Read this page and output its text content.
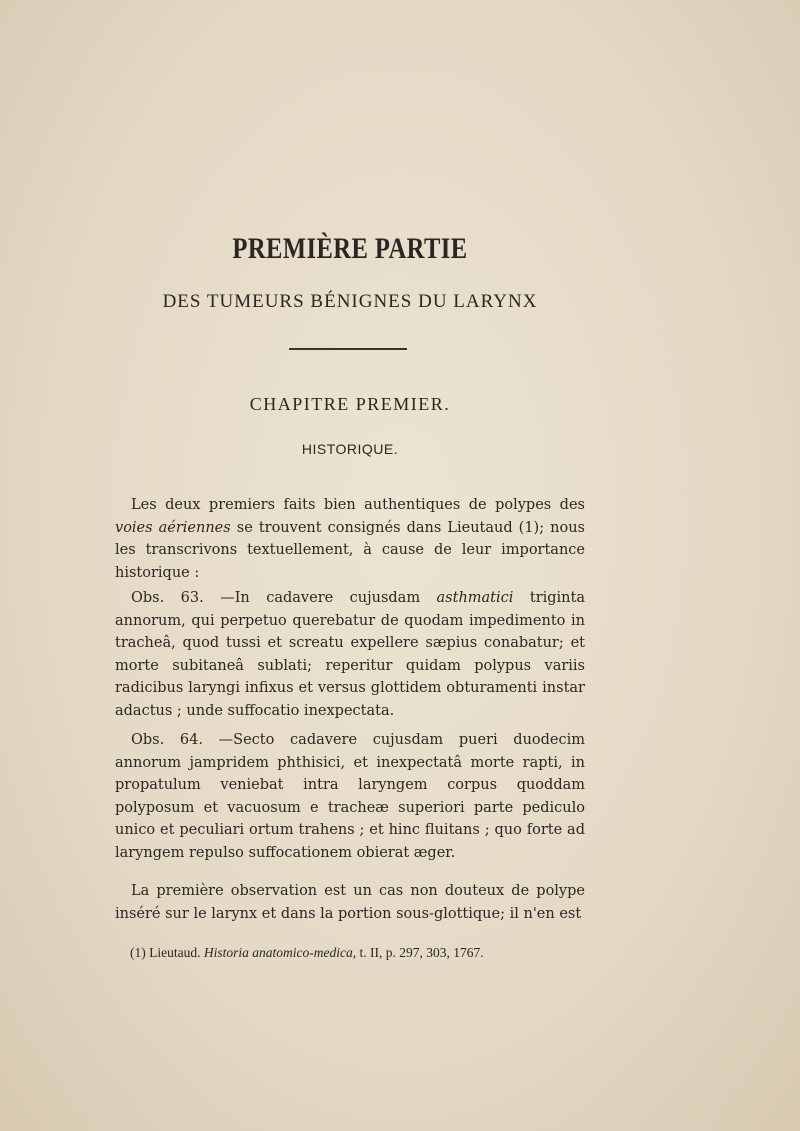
PREMIÈRE PARTIE
DES TUMEURS BÉNIGNES DU LARYNX
CHAPITRE PREMIER.
HISTORIQUE.

Les deux premiers faits bien authentiques de polypes des voies aériennes se trouvent consignés dans Lieutaud (1); nous les transcrivons textuellement, à cause de leur importance historique :

Obs. 63. —In cadavere cujusdam asthmatici triginta annorum, qui perpetuo querebatur de quodam impedimento in tracheâ, quod tussi et screatu expellere sæpius conabatur; et morte subitaneâ sublati; reperitur quidam polypus variis radicibus laryngi infixus et versus glottidem obturamenti instar adactus ; unde suffocatio inexpectata.

Obs. 64. —Secto cadavere cujusdam pueri duodecim annorum jampridem phthisici, et inexpectatâ morte rapti, in propatulum veniebat intra laryngem corpus quoddam polyposum et vacuosum e tracheæ superiori parte pediculo unico et peculiari ortum trahens ; et hinc fluitans ; quo forte ad laryngem repulso suffocationem obierat æger.

La première observation est un cas non douteux de polype inséré sur le larynx et dans la portion sous-glottique; il n'en est

(1) Lieutaud. Historia anatomico-medica, t. II, p. 297, 303, 1767.
